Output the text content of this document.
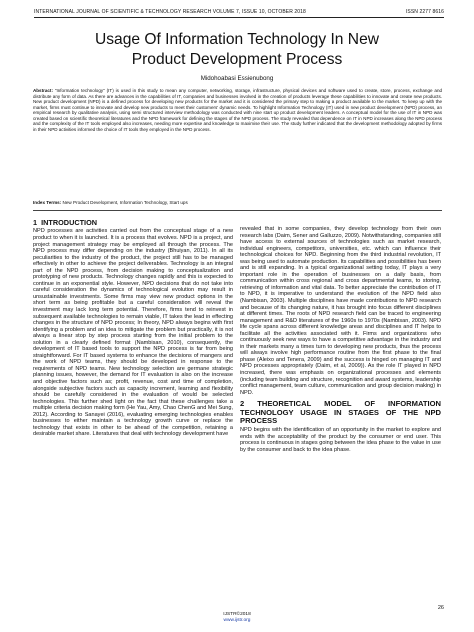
INTERNATIONAL JOURNAL OF SCIENTIFIC & TECHNOLOGY RESEARCH VOLUME 7, ISSUE 10, OCTOBER 2018	ISSN 2277 8616
Usage Of Information Technology In New
Product Development Process
Midohoabasi Essienubong
Abstract: "Information technology" (IT) is used in this study to mean any computer, networking, storage, infrastructure, physical devices and software used to create, store, process, exchange and distribute any form of data. As there are advances in the capabilities of IT, companies and businesses involved in the creation of products leverage these capabilities to innovate and create new products. New product development (NPD) is a defined process for developing new products for the market and it is considered the primary step to making a product available to the market. To keep up with the market, firms must continue to innovate and develop new products to meet their customers' dynamic needs. To highlight Information Technology (IT) used in new product development (NPD) process, an empirical research by qualitative analysis, using semi structured interview methodology was conducted with nine start up product development leaders. A conceptual model for the use of IT in NPD was created based on scientific theoretical literatures and the NPD framework for defining the stages of the NPD process. The study revealed that dependence on IT in NPD increases along the NPD process and the complexity of the IT tools employed also increases, needing more expertise and knowledge to maximise their use. The study further indicated that the development methodology adopted by firms in their NPD activities informed the choice of IT tools they employed in the NPD process.
Index Terms: New Product Development, Information Technology, Start ups
1 INTRODUCTION

NPD processes are activities carried out from the conceptual stage of a new product to when it is launched. It is a process that evolves. NPD is a project, and project management strategy may be employed all through the process. The NPD process may differ depending on the industry (Bhuiyan, 2011). In all its peculiarities to the industry of the product, the project still has to be managed effectively in other to achieve the project deliverables. Technology is an integral part of the NPD process, from decision making to conceptualization and prototyping of new products. Technology changes rapidly and this is expected to continue in an exponential style. However, NPD decisions that do not take into careful consideration the dynamics of technological evolution may result in unsustainable investments. Some firms may view new product options in the short term as being profitable but a careful consideration will reveal the investment may lack long term potential. Therefore, firms tend to reinvest in subsequent available technologies to remain viable, IT takes the lead in effecting changes in the structure of NPD process; In theory, NPD always begins with first identifying a problem and an idea to mitigate the problem but practically, it is not always a linear stop by step process starting from the initial problem to the solution in a clearly defined format (Nambisan, 2010), consequently, the development of IT based tools to support the NPD process is far from being straightforward. For IT based systems to enhance the decisions of mangers and the work of NPD teams, they should be developed in response to the requirements of NPD teams. New technology selection are germane strategic planning issues, however, the demand for IT evaluation is also on the increase and objective factors such as; profit, revenue, cost and time of completion, alongside subjective factors such as capacity increment, learning and flexibility should be carefully considered in the evaluation of would be selected technologies. This further shed light on the fact that these challenges take a multiple criteria decision making form (He Yau, Amy, Chao ChenG and Mei Sung, 2012). According to Sanayei (2016), evaluating emerging technologies enables businesses to either maintain a technology growth curve or replace the technology that exists in other to be ahead of the competition, retaining a desirable market share. Literatures that deal with technology development have

revealed that in some companies, they develop technology from their own research labs (Daim, Sener and Galluzzo, 2009). Notwithstanding, companies still have access to external sources of technologies such as market research, individual engineers, competitors, universities, etc. which can influence their technological choices for NPD. Beginning from the third industrial revolution, IT was being used to automate production. Its capabilities and possibilities has been and is still expanding. In a typical organizational setting today, IT plays a very important role in the operation of businesses on a daily basis, from communication within cross regional and cross departmental teams, to storing, retrieving of information and vital data. To better appreciate the contribution of IT to NPD, it is imperative to understand the evolution of the NPD field also (Nambisan, 2003). Multiple disciplines have made contributions to NPD research and because of its changing nature, it has brought into focus different disciplines at different times. The roots of NPD research field can be traced to engineering management and R&D literatures of the 1960s to 1970s (Nambisan, 2003). NPD life cycle spans across different knowledge areas and disciplines and IT helps to facilitate all the activities associated with it. Firms and organizations who continuously seek new ways to have a competitive advantage in the industry and in their markets many a times turn to developing new products, thus the process will always involve high performance routine from the first phase to the final phase (Aleixo and Tenera, 2009) and the success is hinged on managing IT and NPD processes appropriately (Daim, et al, 2009)). As the role IT played in NPD increased, there was emphasis on organizational processes and elements (including team building and structure, recognition and award systems, leadership conflict management, team culture, communication and group decision making) in NPD.

2 THEORETICAL MODEL OF INFORMATION TECHNOLOGY USAGE IN STAGES OF THE NPD PROCESS

NPD begins with the identification of an opportunity in the market to explore and ends with the acceptability of the product by the consumer or end user. This process is continuous in stages going between the idea phase to the value in use by the consumer and back to the idea phase.

26
IJSTR©2018
www.ijstr.org
